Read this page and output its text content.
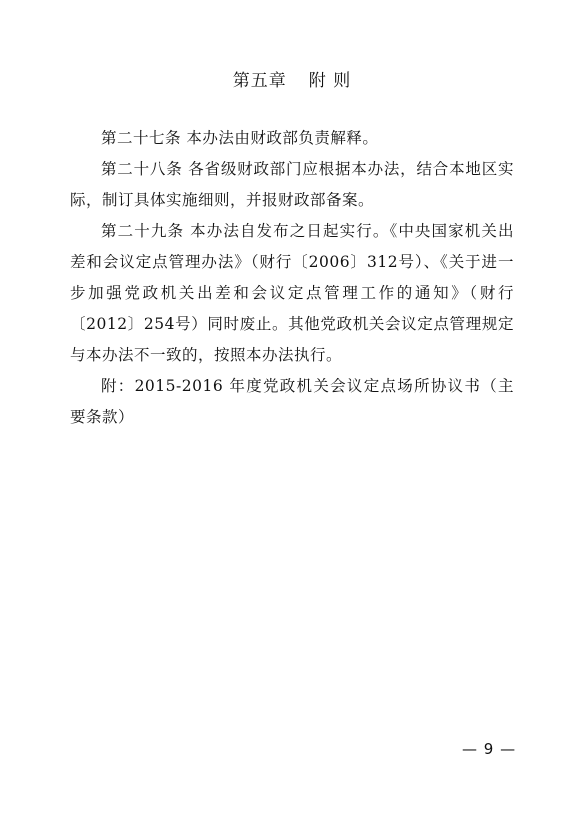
第五章 附 则

第二十七条 本办法由财政部负责解释。

第二十八条 各省级财政部门应根据本办法，结合本地区实际，制订具体实施细则，并报财政部备案。

第二十九条 本办法自发布之日起实行。《中央国家机关出差和会议定点管理办法》（财行〔2006〕312号）、《关于进一步加强党政机关出差和会议定点管理工作的通知》（财行〔2012〕254号）同时废止。其他党政机关会议定点管理规定与本办法不一致的，按照本办法执行。

附：2015-2016 年度党政机关会议定点场所协议书（主要条款）

— 9 —
